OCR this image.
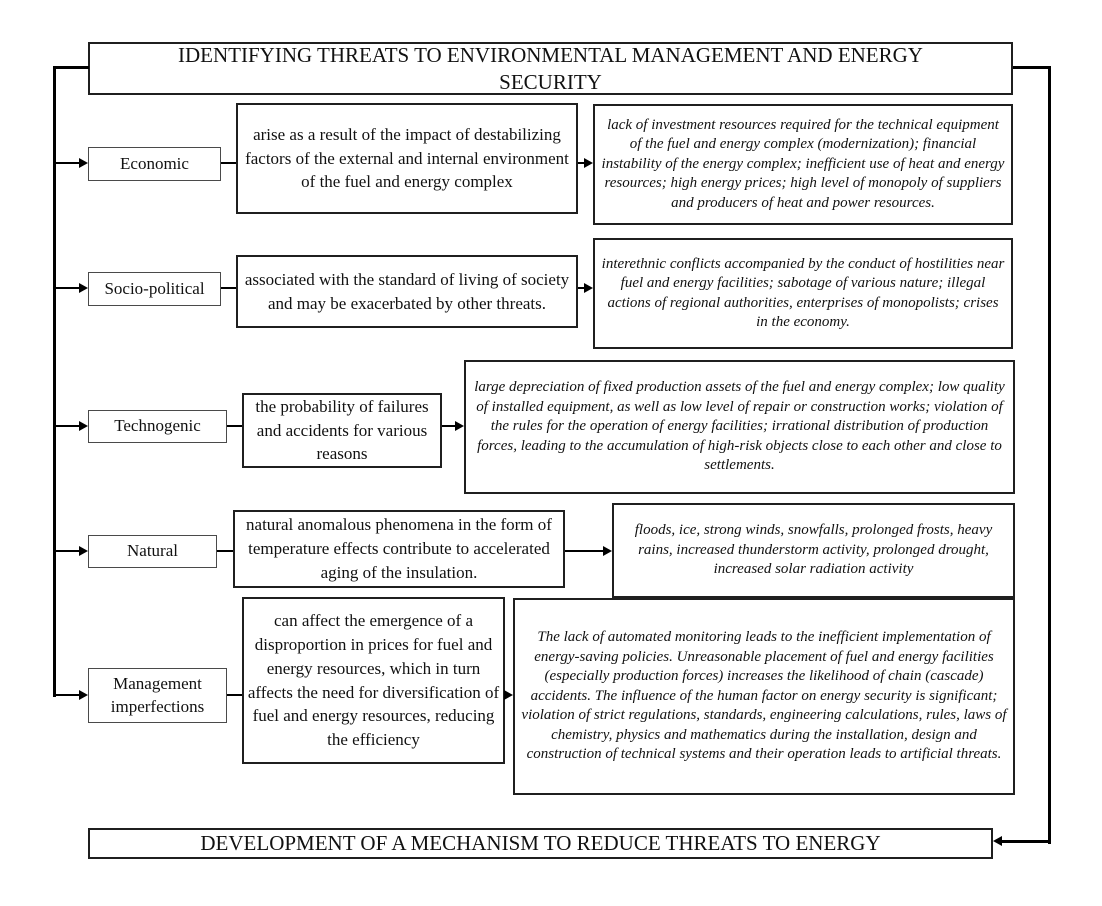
IDENTIFYING THREATS TO ENVIRONMENTAL MANAGEMENT AND ENERGY SECURITY
DEVELOPMENT OF A MECHANISM TO REDUCE THREATS TO ENERGY
Economic
arise as a result of the impact of destabilizing factors of the external and internal environment of the fuel and energy complex
lack of investment resources required for the technical equipment of the fuel and energy complex (modernization); financial instability of the energy complex; inefficient use of heat and energy resources; high energy prices; high level of monopoly of suppliers and producers of heat and power resources.
Socio-political associated with the standard of living of society and may be exacerbated by other threats.
interethnic conflicts accompanied by the conduct of hostilities near fuel and energy facilities; sabotage of various nature; illegal actions of regional authorities, enterprises of monopolists; crises in the economy.
Technogenic
the probability of failures and accidents for various reasons
large depreciation of fixed production assets of the fuel and energy complex; low quality of installed equipment, as well as low level of repair or construction works; violation of the rules for the operation of energy facilities; irrational distribution of production forces, leading to the accumulation of high-risk objects close to each other and close to settlements.
Natural
natural anomalous phenomena in the form of temperature effects contribute to accelerated aging of the insulation.
floods, ice, strong winds, snowfalls, prolonged frosts, heavy rains, increased thunderstorm activity, prolonged drought, increased solar radiation activity
Management imperfections
can affect the emergence of a disproportion in prices for fuel and energy resources, which in turn affects the need for diversification of fuel and energy resources, reducing the efficiency
The lack of automated monitoring leads to the inefficient implementation of energy-saving policies. Unreasonable placement of fuel and energy facilities (especially production forces) increases the likelihood of chain (cascade) accidents. The influence of the human factor on energy security is significant; violation of strict regulations, standards, engineering calculations, rules, laws of chemistry, physics and mathematics during the installation, design and construction of technical systems and their operation leads to artificial threats.
